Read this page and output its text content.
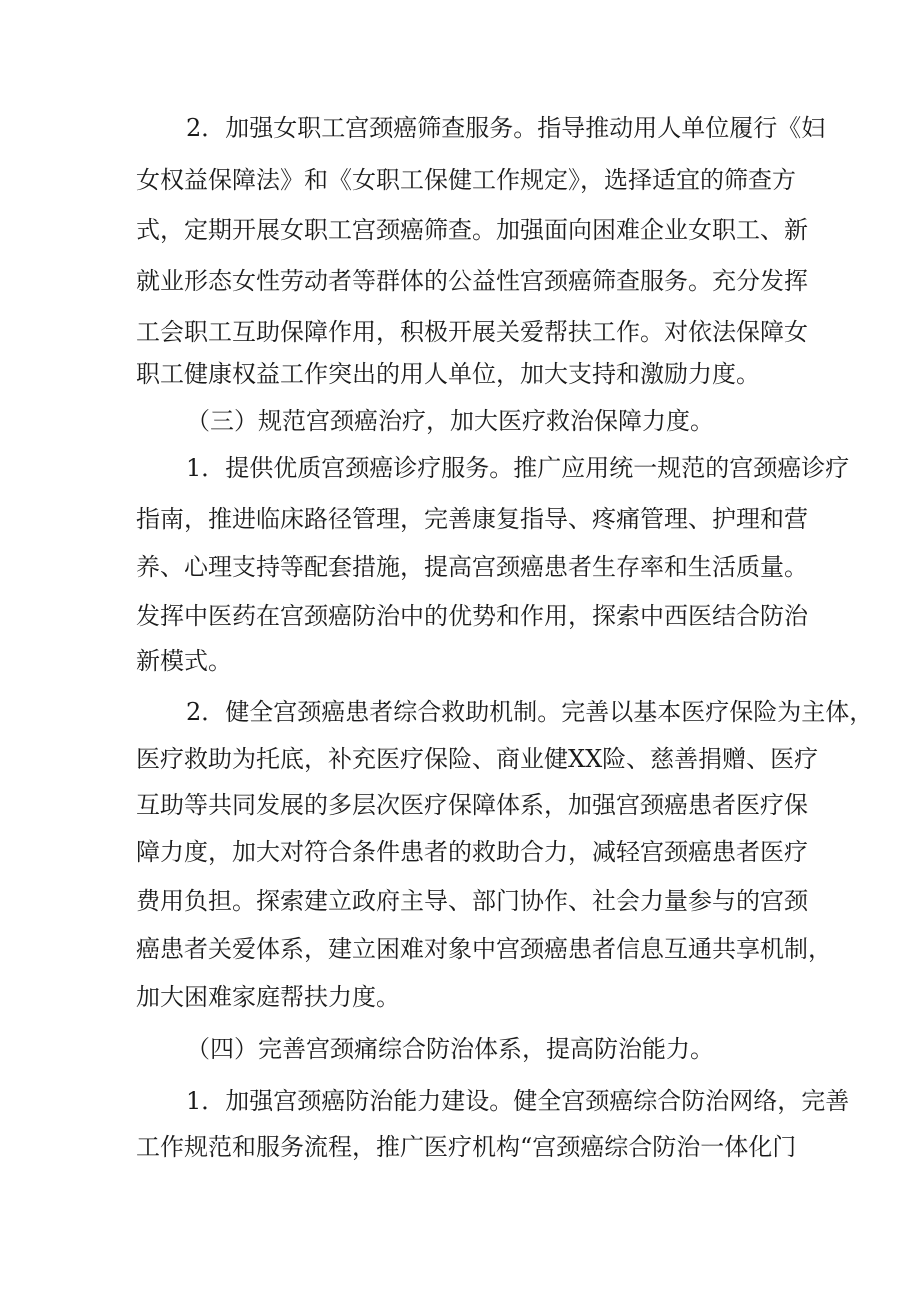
2．加强女职工宫颈癌筛查服务。指导推动用人单位履行《妇

女权益保障法》和《女职工保健工作规定》，选择适宜的筛查方

式，定期开展女职工宫颈癌筛查。加强面向困难企业女职工、新

就业形态女性劳动者等群体的公益性宫颈癌筛查服务。充分发挥

工会职工互助保障作用，积极开展关爱帮扶工作。对依法保障女

职工健康权益工作突出的用人单位，加大支持和激励力度。

（三）规范宫颈癌治疗，加大医疗救治保障力度。

1．提供优质宫颈癌诊疗服务。推广应用统一规范的宫颈癌诊疗

指南，推进临床路径管理，完善康复指导、疼痛管理、护理和营

养、心理支持等配套措施，提高宫颈癌患者生存率和生活质量。

发挥中医药在宫颈癌防治中的优势和作用，探索中西医结合防治

新模式。

2．健全宫颈癌患者综合救助机制。完善以基本医疗保险为主体，

医疗救助为托底，补充医疗保险、商业健XX险、慈善捐赠、医疗

互助等共同发展的多层次医疗保障体系，加强宫颈癌患者医疗保

障力度，加大对符合条件患者的救助合力，减轻宫颈癌患者医疗

费用负担。探索建立政府主导、部门协作、社会力量参与的宫颈

癌患者关爱体系，建立困难对象中宫颈癌患者信息互通共享机制，

加大困难家庭帮扶力度。

（四）完善宫颈痛综合防治体系，提高防治能力。

1．加强宫颈癌防治能力建设。健全宫颈癌综合防治网络，完善

工作规范和服务流程，推广医疗机构“宫颈癌综合防治一体化门
